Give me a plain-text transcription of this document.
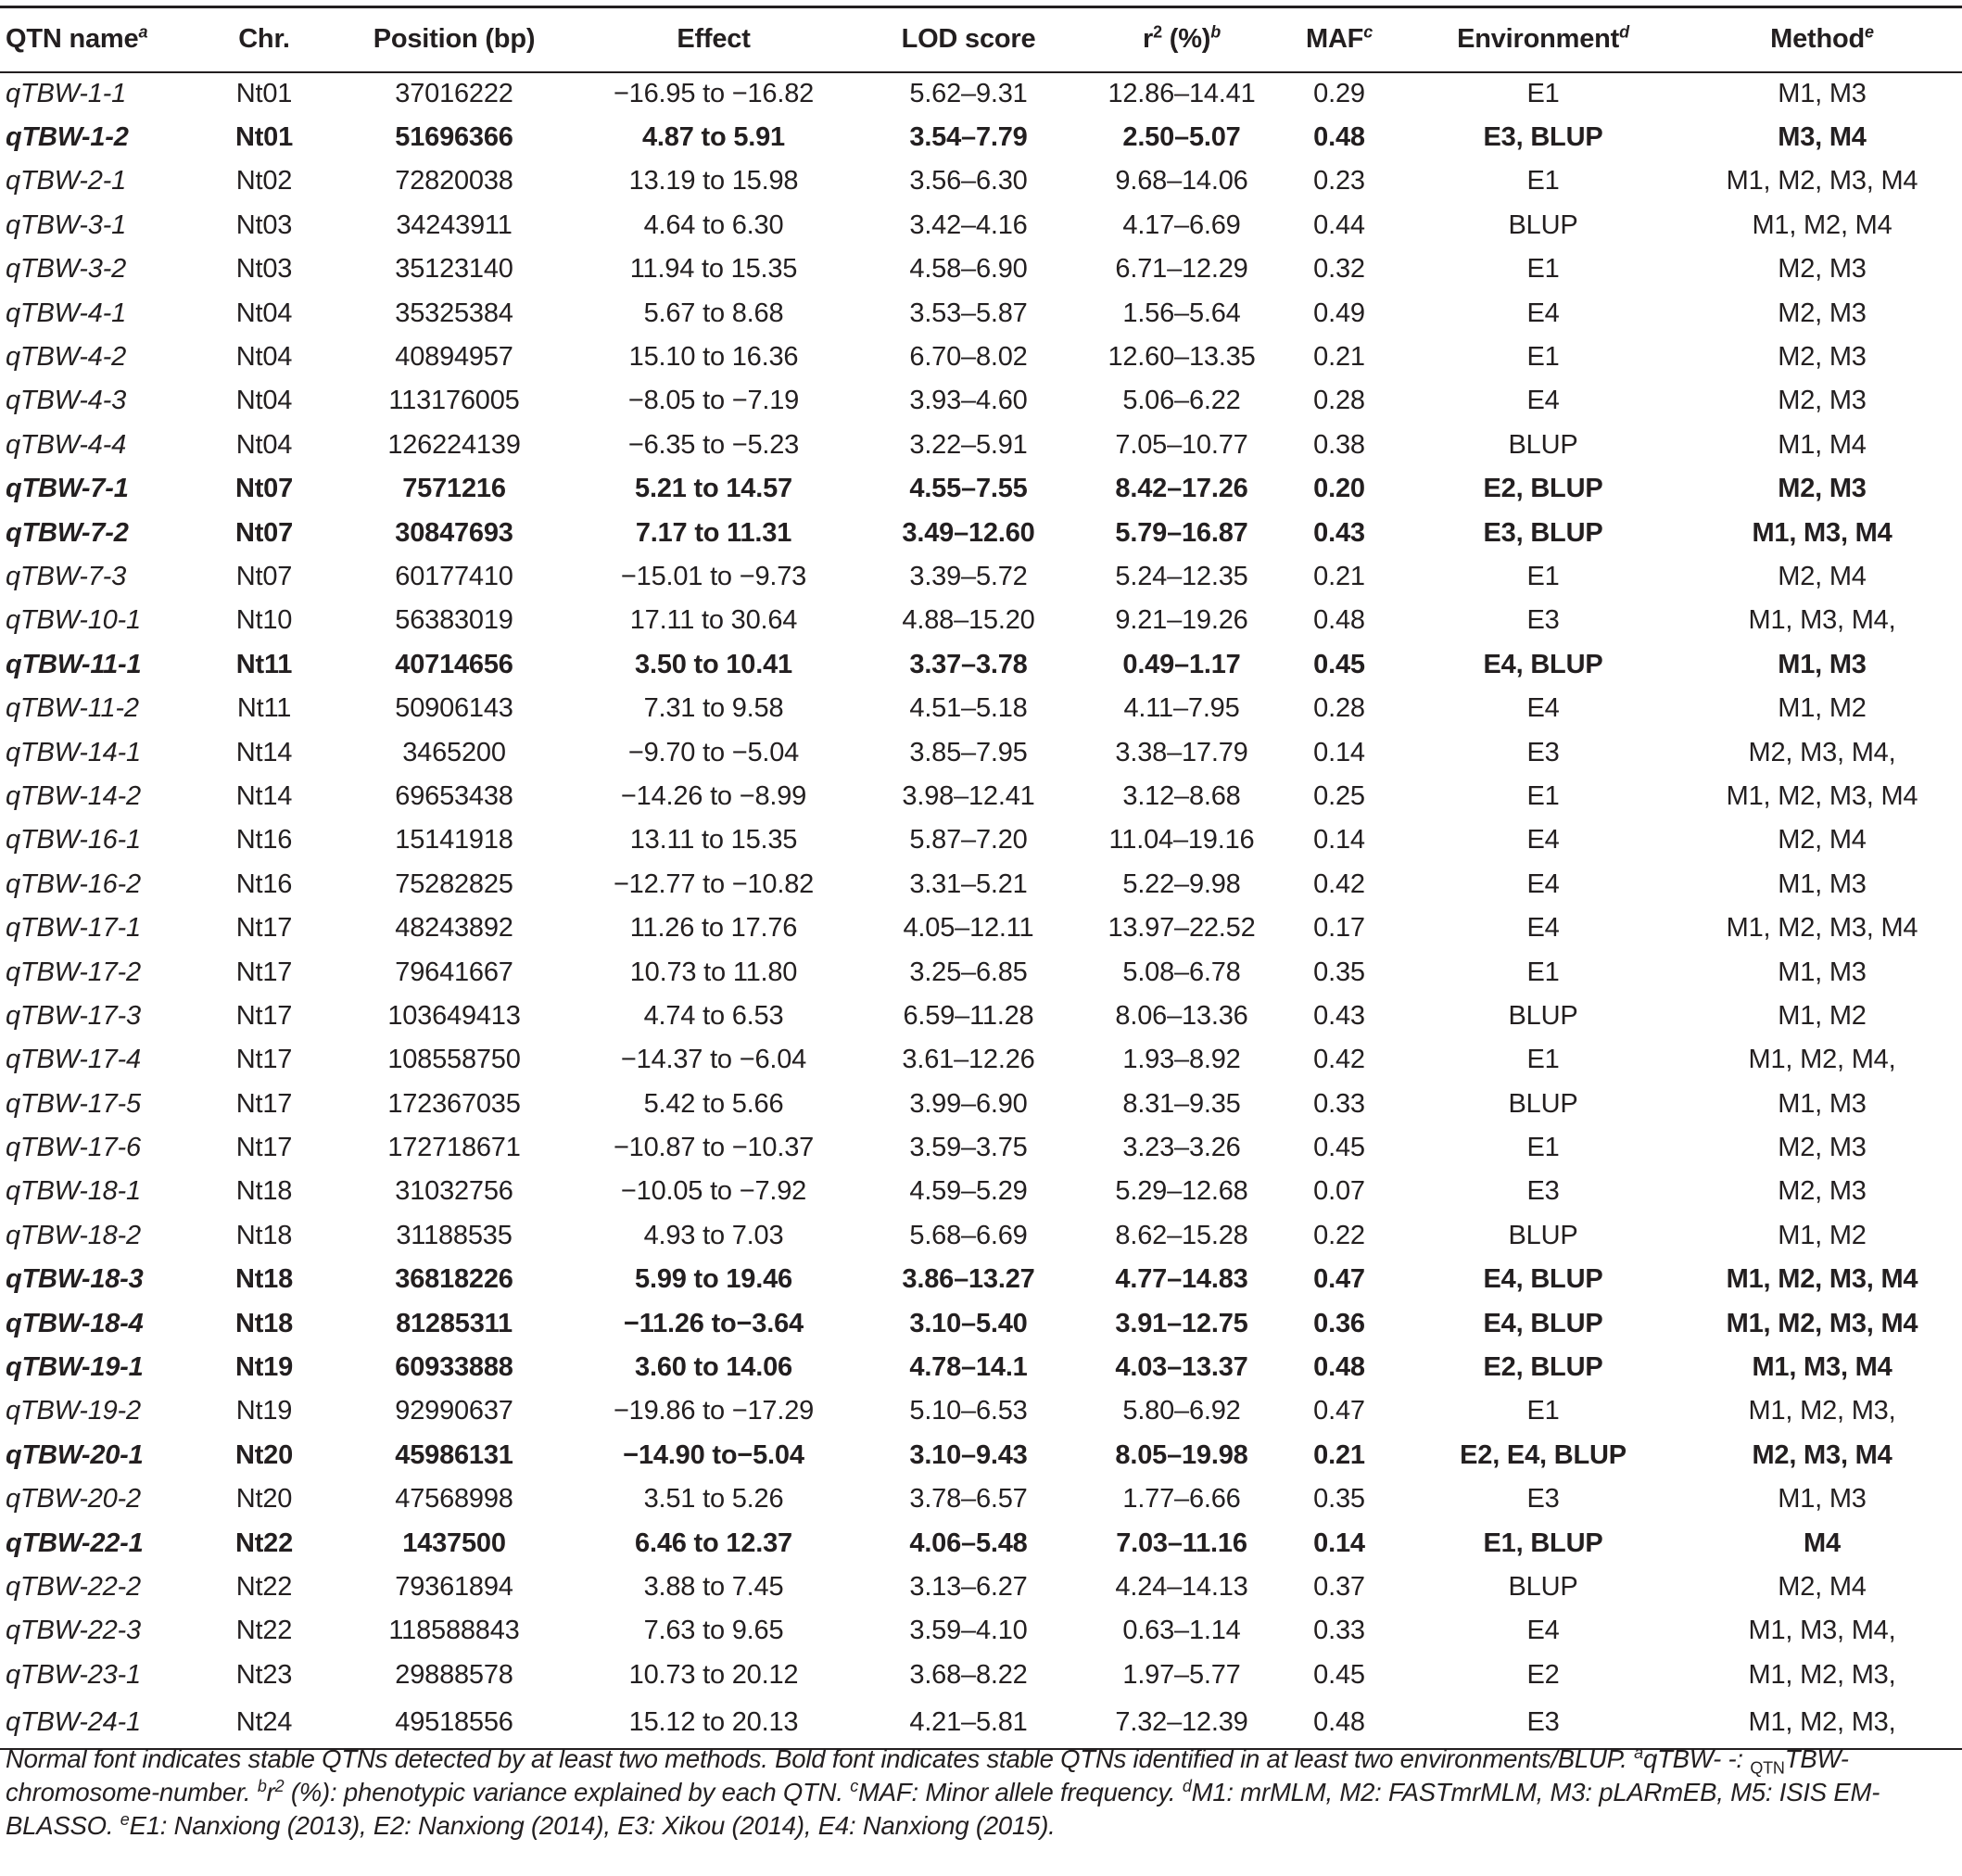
QTN name$^a$	Chr.	Position (bp)	Effect	LOD score	$r^2$ (%)$^b$	MAF$^c$	Environment$^d$	Method$^e$
qTBW-1-1	Nt01	37016222	−16.95 to −16.82	5.62–9.31	12.86–14.41	0.29	E1	M1, M3
qTBW-1-2	Nt01	51696366	4.87 to 5.91	3.54–7.79	2.50–5.07	0.48	E3, BLUP	M3, M4
qTBW-2-1	Nt02	72820038	13.19 to 15.98	3.56–6.30	9.68–14.06	0.23	E1	M1, M2, M3, M4
qTBW-3-1	Nt03	34243911	4.64 to 6.30	3.42–4.16	4.17–6.69	0.44	BLUP	M1, M2, M4
qTBW-3-2	Nt03	35123140	11.94 to 15.35	4.58–6.90	6.71–12.29	0.32	E1	M2, M3
qTBW-4-1	Nt04	35325384	5.67 to 8.68	3.53–5.87	1.56–5.64	0.49	E4	M2, M3
qTBW-4-2	Nt04	40894957	15.10 to 16.36	6.70–8.02	12.60–13.35	0.21	E1	M2, M3
qTBW-4-3	Nt04	113176005	−8.05 to −7.19	3.93–4.60	5.06–6.22	0.28	E4	M2, M3
qTBW-4-4	Nt04	126224139	−6.35 to −5.23	3.22–5.91	7.05–10.77	0.38	BLUP	M1, M4
qTBW-7-1	Nt07	7571216	5.21 to 14.57	4.55–7.55	8.42–17.26	0.20	E2, BLUP	M2, M3
qTBW-7-2	Nt07	30847693	7.17 to 11.31	3.49–12.60	5.79–16.87	0.43	E3, BLUP	M1, M3, M4
qTBW-7-3	Nt07	60177410	−15.01 to −9.73	3.39–5.72	5.24–12.35	0.21	E1	M2, M4
qTBW-10-1	Nt10	56383019	17.11 to 30.64	4.88–15.20	9.21–19.26	0.48	E3	M1, M3, M4,
qTBW-11-1	Nt11	40714656	3.50 to 10.41	3.37–3.78	0.49–1.17	0.45	E4, BLUP	M1, M3
qTBW-11-2	Nt11	50906143	7.31 to 9.58	4.51–5.18	4.11–7.95	0.28	E4	M1, M2
qTBW-14-1	Nt14	3465200	−9.70 to −5.04	3.85–7.95	3.38–17.79	0.14	E3	M2, M3, M4,
qTBW-14-2	Nt14	69653438	−14.26 to −8.99	3.98–12.41	3.12–8.68	0.25	E1	M1, M2, M3, M4
qTBW-16-1	Nt16	15141918	13.11 to 15.35	5.87–7.20	11.04–19.16	0.14	E4	M2, M4
qTBW-16-2	Nt16	75282825	−12.77 to −10.82	3.31–5.21	5.22–9.98	0.42	E4	M1, M3
qTBW-17-1	Nt17	48243892	11.26 to 17.76	4.05–12.11	13.97–22.52	0.17	E4	M1, M2, M3, M4
qTBW-17-2	Nt17	79641667	10.73 to 11.80	3.25–6.85	5.08–6.78	0.35	E1	M1, M3
qTBW-17-3	Nt17	103649413	4.74 to 6.53	6.59–11.28	8.06–13.36	0.43	BLUP	M1, M2
qTBW-17-4	Nt17	108558750	−14.37 to −6.04	3.61–12.26	1.93–8.92	0.42	E1	M1, M2, M4,
qTBW-17-5	Nt17	172367035	5.42 to 5.66	3.99–6.90	8.31–9.35	0.33	BLUP	M1, M3
qTBW-17-6	Nt17	172718671	−10.87 to −10.37	3.59–3.75	3.23–3.26	0.45	E1	M2, M3
qTBW-18-1	Nt18	31032756	−10.05 to −7.92	4.59–5.29	5.29–12.68	0.07	E3	M2, M3
qTBW-18-2	Nt18	31188535	4.93 to 7.03	5.68–6.69	8.62–15.28	0.22	BLUP	M1, M2
qTBW-18-3	Nt18	36818226	5.99 to 19.46	3.86–13.27	4.77–14.83	0.47	E4, BLUP	M1, M2, M3, M4
qTBW-18-4	Nt18	81285311	−11.26 to−3.64	3.10–5.40	3.91–12.75	0.36	E4, BLUP	M1, M2, M3, M4
qTBW-19-1	Nt19	60933888	3.60 to 14.06	4.78–14.1	4.03–13.37	0.48	E2, BLUP	M1, M3, M4
qTBW-19-2	Nt19	92990637	−19.86 to −17.29	5.10–6.53	5.80–6.92	0.47	E1	M1, M2, M3,
qTBW-20-1	Nt20	45986131	−14.90 to−5.04	3.10–9.43	8.05–19.98	0.21	E2, E4, BLUP	M2, M3, M4
qTBW-20-2	Nt20	47568998	3.51 to 5.26	3.78–6.57	1.77–6.66	0.35	E3	M1, M3
qTBW-22-1	Nt22	1437500	6.46 to 12.37	4.06–5.48	7.03–11.16	0.14	E1, BLUP	M4
qTBW-22-2	Nt22	79361894	3.88 to 7.45	3.13–6.27	4.24–14.13	0.37	BLUP	M2, M4
qTBW-22-3	Nt22	118588843	7.63 to 9.65	3.59–4.10	0.63–1.14	0.33	E4	M1, M3, M4,
qTBW-23-1	Nt23	29888578	10.73 to 20.12	3.68–8.22	1.97–5.77	0.45	E2	M1, M2, M3,
qTBW-24-1	Nt24	49518556	15.12 to 20.13	4.21–5.81	7.32–12.39	0.48	E3	M1, M2, M3,
Normal font indicates stable QTNs detected by at least two methods. Bold font indicates stable QTNs identified in at least two environments/BLUP. $^a$qTBW- -: $_{QTN}$TBW-chromosome-number. $^br^2$ (%): phenotypic variance explained by each QTN. $^c$MAF: Minor allele frequency. $^d$M1: mrMLM, M2: FASTmrMLM, M3: pLARmEB, M5: ISIS EM-BLASSO. $^e$E1: Nanxiong (2013), E2: Nanxiong (2014), E3: Xikou (2014), E4: Nanxiong (2015).
